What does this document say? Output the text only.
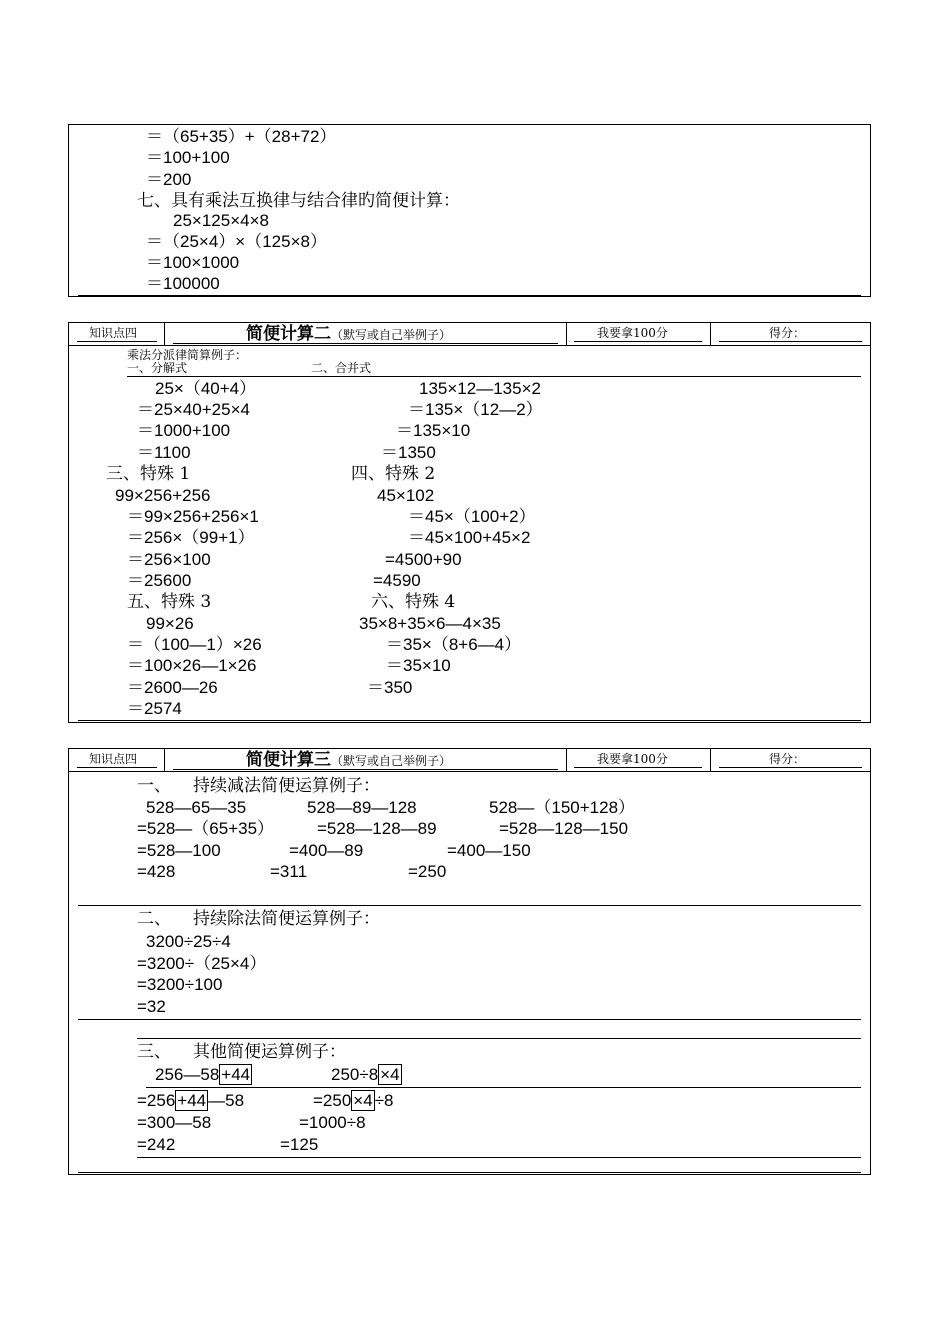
＝（65+35）+（28+72）
＝100+100
＝200
七、具有乘法互换律与结合律旳简便计算：
25×125×4×8
＝（25×4）×（125×8）
＝100×1000
＝100000
知识点四	简便计算二（默写或自己举例子）	我要拿100分	得分：
乘法分派律简算例子：
一、分解式	二、合并式
25×（40+4）
＝25×40+25×4
＝1000+100
＝1100
135×12—135×2
＝135×（12—2）
＝135×10
＝1350
三、特殊 1	四、特殊 2
99×256+256
＝99×256+256×1
＝256×（99+1）
＝256×100
＝25600
45×102
＝45×（100+2）
＝45×100+45×2
=4500+90
=4590
五、特殊 3	六、特殊 4
99×26
＝（100—1）×26
＝100×26—1×26
＝2600—26
＝2574
35×8+35×6—4×35
＝35×（8+6—4）
＝35×10
＝350
知识点四	简便计算三（默写或自己举例子）	我要拿100分	得分：
一、 持续减法简便运算例子：
528—65—35
=528—（65+35）
=528—100
=428
528—89—128
=528—128—89
=400—89
=311
528—（150+128）
=528—128—150
=400—150
=250
二、 持续除法简便运算例子：
3200÷25÷4
=3200÷（25×4）
=3200÷100
=32
三、 其他简便运算例子：
256—58 +44	250÷8 ×4
=256 +44 —58	=250 ×4 ÷8
=300—58	=1000÷8
=242	=125
